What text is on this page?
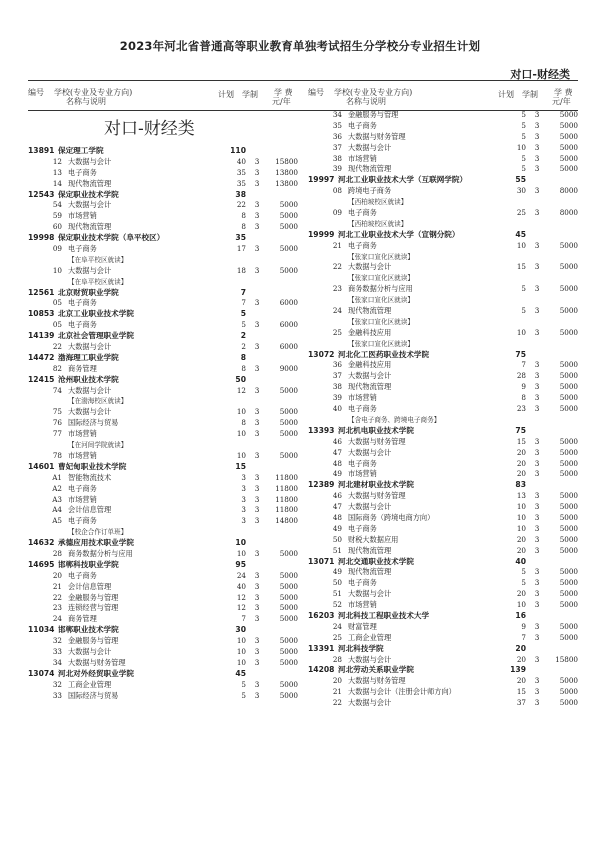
2023年河北省普通高等职业教育单独考试招生分学校分专业招生计划
对口-财经类
编号 学校(专业及专业方向)
名称与说明
计划 学制 学 费
元/年
对口-财经类
13891 保定理工学院	110
12 大数据与会计	40	3	15800
13 电子商务	35	3	13800
14 现代物流管理	35	3	13800
12543 保定职业技术学院	38
54 大数据与会计	22	3	5000
59 市场营销	8	3	5000
60 现代物流管理	8	3	5000
19998 保定职业技术学院（阜平校区）	35
09 电子商务	17	3	5000
【在阜平校区就读】
10 大数据与会计	18	3	5000
【在阜平校区就读】
12561 北京财贸职业学院	7
05 电子商务	7	3	6000
10853 北京工业职业技术学院	5
05 电子商务	5	3	6000
14139 北京社会管理职业学院	2
22 大数据与会计	2	3	6000
14472 渤海理工职业学院	8
82 商务管理	8	3	9000
12415 沧州职业技术学院	50
74 大数据与会计	12	3	5000
【在渤海校区就读】
75 大数据与会计	10	3	5000
76 国际经济与贸易	8	3	5000
77 市场营销	10	3	5000
【在河间学院就读】
78 市场营销	10	3	5000
14601 曹妃甸职业技术学院	15
A1 智能物流技术	3	3	11800
A2 电子商务	3	3	11800
A3 市场营销	3	3	11800
A4 会计信息管理	3	3	11800
A5 电子商务	3	3	14800
【校企合作订单班】
14632 承德应用技术职业学院	10
28 商务数据分析与应用	10	3	5000
14695 邯郸科技职业学院	95
20 电子商务	24	3	5000
21 会计信息管理	40	3	5000
22 金融服务与管理	12	3	5000
23 连锁经营与管理	12	3	5000
24 商务管理	7	3	5000
11034 邯郸职业技术学院	30
32 金融服务与管理	10	3	5000
33 大数据与会计	10	3	5000
34 大数据与财务管理	10	3	5000
13074 河北对外经贸职业学院	45
32 工商企业管理	5	3	5000
33 国际经济与贸易	5	3	5000
编号 学校(专业及专业方向)
名称与说明
计划 学制 学 费
元/年
34 金融服务与管理	5	3	5000
35 电子商务	5	3	5000
36 大数据与财务管理	5	3	5000
37 大数据与会计	10	3	5000
38 市场营销	5	3	5000
39 现代物流管理	5	3	5000
19997 河北工业职业技术大学（互联网学院）	55
08 跨境电子商务	30	3	8000
【西柏坡校区就读】
09 电子商务	25	3	8000
【西柏坡校区就读】
19999 河北工业职业技术大学（宣钢分院）	45
21 电子商务	10	3	5000
【张家口宣化区就读】
22 大数据与会计	15	3	5000
【张家口宣化区就读】
23 商务数据分析与应用	5	3	5000
【张家口宣化区就读】
24 现代物流管理	5	3	5000
【张家口宣化区就读】
25 金融科技应用	10	3	5000
【张家口宣化区就读】
13072 河北化工医药职业技术学院	75
36 金融科技应用	7	3	5000
37 大数据与会计	28	3	5000
38 现代物流管理	9	3	5000
39 市场营销	8	3	5000
40 电子商务	23	3	5000
【含电子商务、跨境电子商务】
13393 河北机电职业技术学院	75
46 大数据与财务管理	15	3	5000
47 大数据与会计	20	3	5000
48 电子商务	20	3	5000
49 市场营销	20	3	5000
12389 河北建材职业技术学院	83
46 大数据与财务管理	13	3	5000
47 大数据与会计	10	3	5000
48 国际商务（跨境电商方向）	10	3	5000
49 电子商务	10	3	5000
50 财税大数据应用	20	3	5000
51 现代物流管理	20	3	5000
13071 河北交通职业技术学院	40
49 现代物流管理	5	3	5000
50 电子商务	5	3	5000
51 大数据与会计	20	3	5000
52 市场营销	10	3	5000
16203 河北科技工程职业技术大学	16
24 财富管理	9	3	5000
25 工商企业管理	7	3	5000
13391 河北科技学院	20
28 大数据与会计	20	3	15800
14208 河北劳动关系职业学院	139
20 大数据与财务管理	20	3	5000
21 大数据与会计（注册会计师方向）	15	3	5000
22 大数据与会计	37	3	5000
